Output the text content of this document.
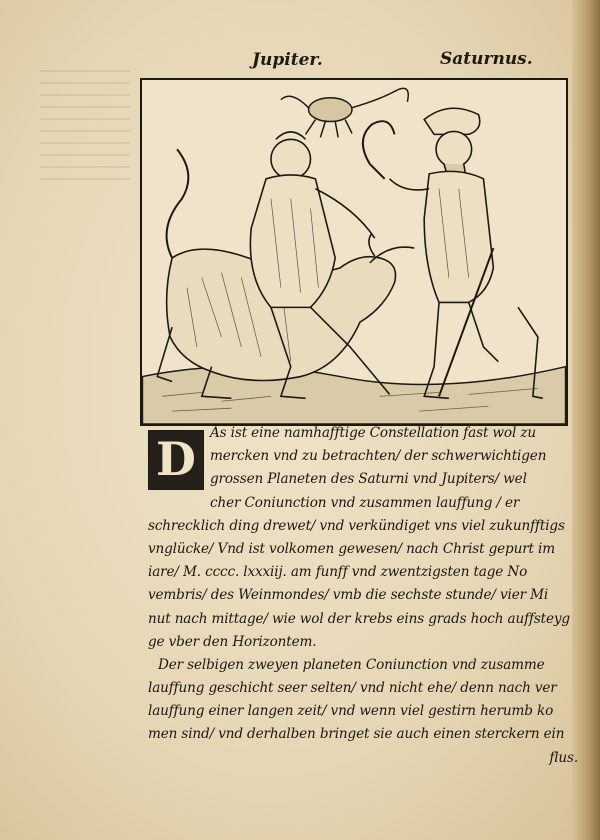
Jupiter.	Saturnus.
D	As ist eine namhafftige Constellation fast wol zu
mercken vnd zu betrachten/ der schwerwichtigen
grossen Planeten des Saturni vnd Jupiters/ wel
cher Coniunction vnd zusammen lauffung / er
schrecklich ding drewet/ vnd verkündiget vns viel zukunfftigs
vnglücke/ Vnd ist volkomen gewesen/ nach Christ gepurt im
iare/ M. cccc. lxxxiij. am funff vnd zwentzigsten tage No
vembris/ des Weinmondes/ vmb die sechste stunde/ vier Mi
nut nach mittage/ wie wol der krebs eins grads hoch auffsteyg
ge vber den Horizontem.
Der selbigen zweyen planeten Coniunction vnd zusamme
lauffung geschicht seer selten/ vnd nicht ehe/ denn nach ver
lauffung einer langen zeit/ vnd wenn viel gestirn herumb ko
men sind/ vnd derhalben bringet sie auch einen sterckern ein
flus.
